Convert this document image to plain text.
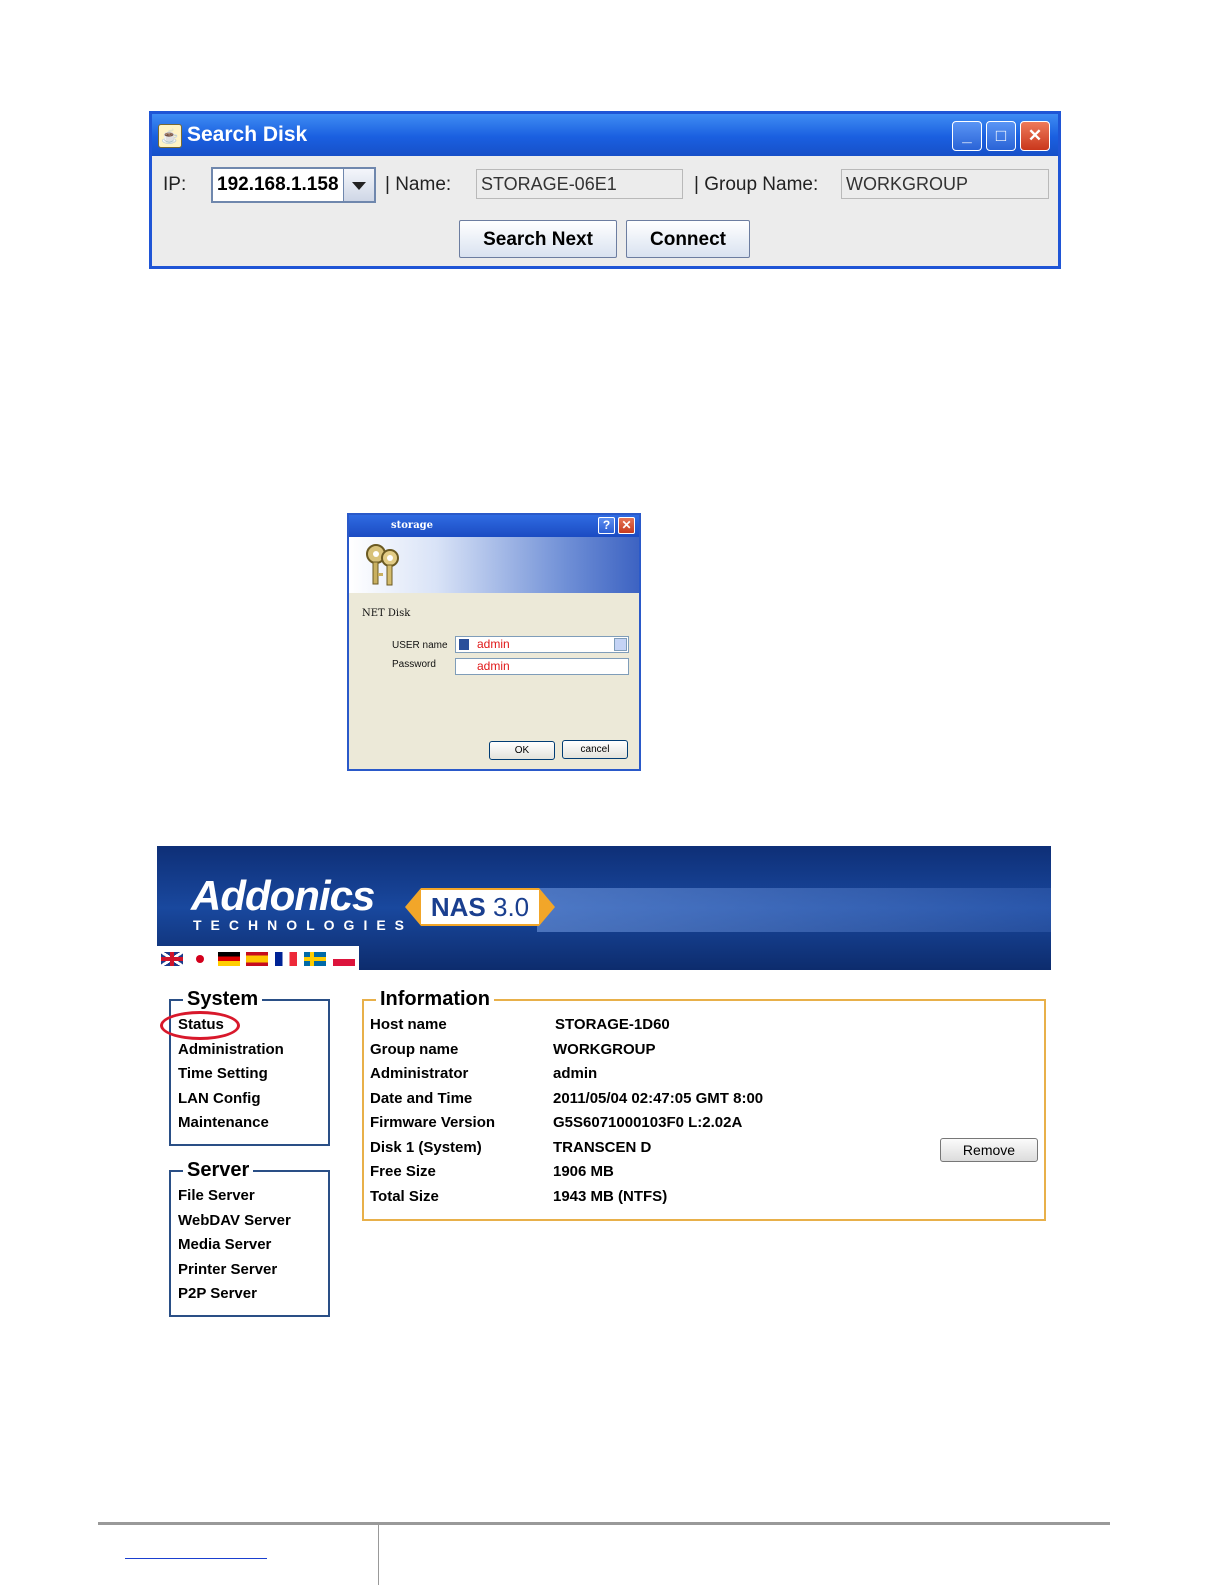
☕ Search Disk	_	□	✕
IP: 192.168.1.158 | Name: STORAGE-06E1	| Group Name: WORKGROUP
Search Next	Connect
storage	? ✕
NET Disk
USER name admin
Password	admin
OK	cancel
Addonics
TECHNOLOGIES
NAS 3.0
System
Status
Administration
Time Setting
LAN Config
Maintenance
Server
File Server
WebDAV Server
Media Server
Printer Server
P2P Server
Information
Host name	STORAGE-1D60
Group name	WORKGROUP
Administrator	admin
Date and Time	2011/05/04 02:47:05 GMT 8:00
Firmware Version	G5S6071000103F0 L:2.02A
Disk 1 (System)	TRANSCEN D
Free Size	1906 MB
Total Size	1943 MB (NTFS)
Remove
